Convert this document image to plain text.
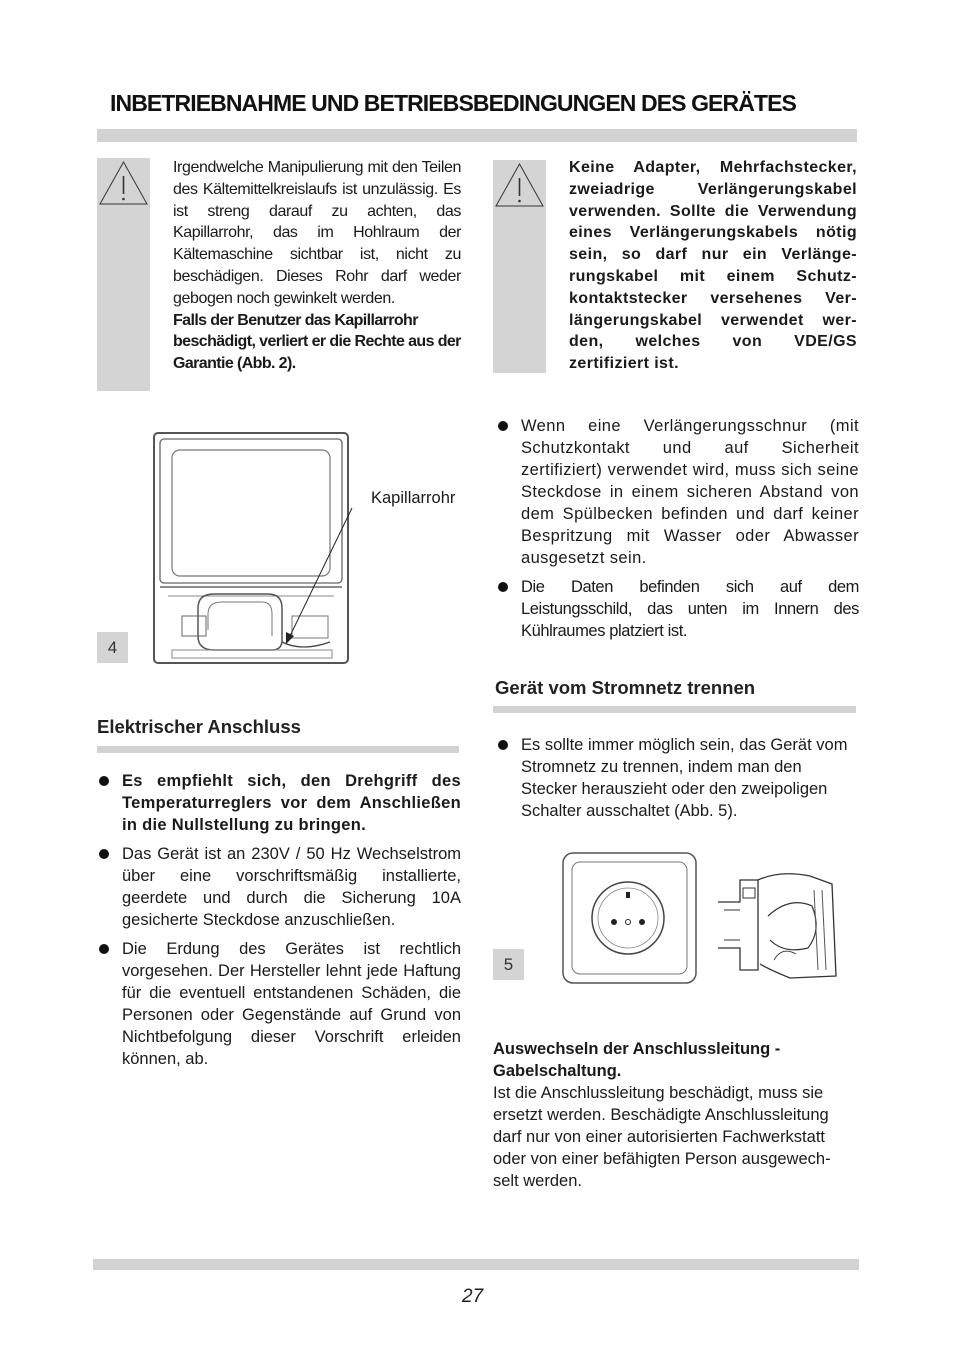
INBETRIEBNAHME UND BETRIEBSBEDINGUNGEN DES GERÄTES
Irgendwelche Manipulierung mit den Teilen des Kältemittelkreislaufs ist unzulässig. Es ist streng darauf zu achten, das Kapillarrohr, das im Hohlraum der Kältemaschine sichtbar ist, nicht zu beschädigen. Dieses Rohr darf weder gebogen noch gewinkelt werden.
Falls der Benutzer das Kapillarrohr beschädigt, verliert er die Rechte aus der Garantie (Abb. 2).
Keine Adapter, Mehrfachstecker, zweiadrige Verlängerungskabel verwenden. Sollte die Verwendung eines Verlängerungskabels nötig sein, so darf nur ein Verlänge- rungskabel mit einem Schutz-kontaktstecker versehenes Ver-längerungskabel verwendet wer-den, welches von VDE/GS zertifiziert ist.
Kapillarrohr
4
Wenn eine Verlängerungsschnur (mit Schutzkontakt und auf Sicherheit zertifiziert) verwendet wird, muss sich seine Steckdose in einem sicheren Abstand von dem Spülbecken befinden und darf keiner Bespritzung mit Wasser oder Abwasser ausgesetzt sein.
Die Daten befinden sich auf dem Leistungsschild, das unten im Innern des Kühlraumes platziert ist.
Elektrischer Anschluss
Es empfiehlt sich, den Drehgriff des Temperaturreglers vor dem Anschließen in die Nullstellung zu bringen.
Das Gerät ist an 230V / 50 Hz Wechselstrom über eine vorschriftsmäßig installierte, geerdete und durch die Sicherung 10A gesicherte Steckdose anzuschließen.
Die Erdung des Gerätes ist rechtlich vorgesehen. Der Hersteller lehnt jede Haftung für die eventuell entstandenen Schäden, die Personen oder Gegenstände auf Grund von Nichtbefolgung dieser Vorschrift erleiden können, ab.
Gerät vom Stromnetz trennen
Es sollte immer möglich sein, das Gerät vom Stromnetz zu trennen, indem man den Stecker herauszieht oder den zweipoligen Schalter ausschaltet (Abb. 5).
5
Auswechseln der Anschlussleitung - Gabelschaltung.
Ist die Anschlussleitung beschädigt, muss sie ersetzt werden. Beschädigte Anschlussleitung darf nur von einer autorisierten Fachwerkstatt oder von einer befähigten Person ausgewech- selt werden.
27
